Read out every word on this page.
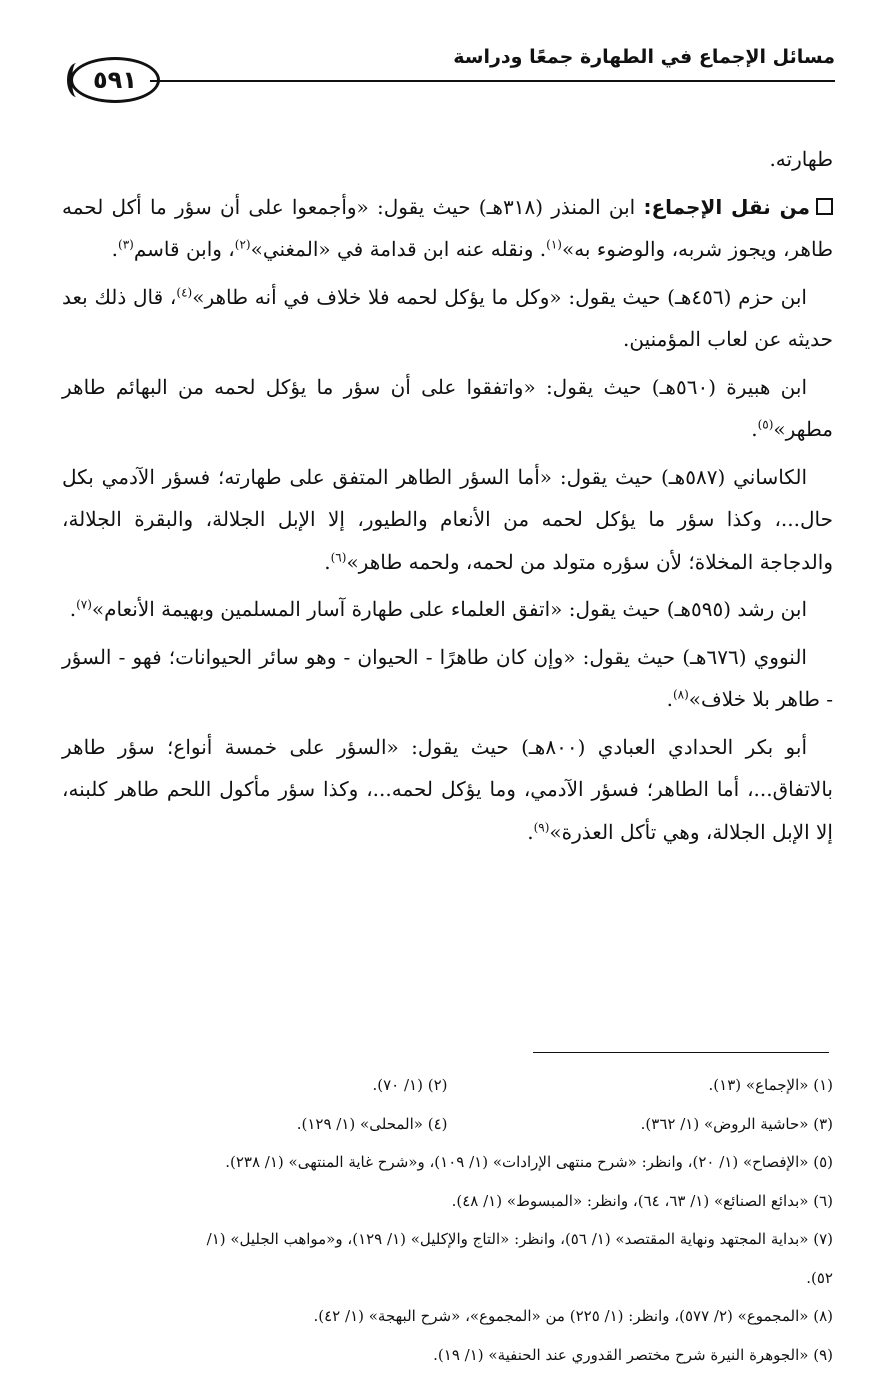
مسائل الإجماع في الطهارة جمعًا ودراسة
٥٩١

طهارته.

من نقل الإجماع: ابن المنذر (٣١٨هـ) حيث يقول: «وأجمعوا على أن سؤر ما أكل لحمه طاهر، ويجوز شربه، والوضوء به»$^{(١)}$. ونقله عنه ابن قدامة في «المغني»$^{(٢)}$، وابن قاسم$^{(٣)}$.

ابن حزم (٤٥٦هـ) حيث يقول: «وكل ما يؤكل لحمه فلا خلاف في أنه طاهر»$^{(٤)}$، قال ذلك بعد حديثه عن لعاب المؤمنين.

ابن هبيرة (٥٦٠هـ) حيث يقول: «واتفقوا على أن سؤر ما يؤكل لحمه من البهائم طاهر مطهر»$^{(٥)}$.

الكاساني (٥٨٧هـ) حيث يقول: «أما السؤر الطاهر المتفق على طهارته؛ فسؤر الآدمي بكل حال...، وكذا سؤر ما يؤكل لحمه من الأنعام والطيور، إلا الإبل الجلالة، والبقرة الجلالة، والدجاجة المخلاة؛ لأن سؤره متولد من لحمه، ولحمه طاهر»$^{(٦)}$.

ابن رشد (٥٩٥هـ) حيث يقول: «اتفق العلماء على طهارة آسار المسلمين وبهيمة الأنعام»$^{(٧)}$.

النووي (٦٧٦هـ) حيث يقول: «وإن كان طاهرًا - الحيوان - وهو سائر الحيوانات؛ فهو - السؤر - طاهر بلا خلاف»$^{(٨)}$.

أبو بكر الحدادي العبادي (٨٠٠هـ) حيث يقول: «السؤر على خمسة أنواع؛ سؤر طاهر بالاتفاق...، أما الطاهر؛ فسؤر الآدمي، وما يؤكل لحمه...، وكذا سؤر مأكول اللحم طاهر كلبنه، إلا الإبل الجلالة، وهي تأكل العذرة»$^{(٩)}$.

(١) «الإجماع» (١٣).
(٢) (١/ ٧٠).
(٣) «حاشية الروض» (١/ ٣٦٢).
(٤) «المحلى» (١/ ١٢٩).
(٥) «الإفصاح» (١/ ٢٠)، وانظر: «شرح منتهى الإرادات» (١/ ١٠٩)، و«شرح غاية المنتهى» (١/ ٢٣٨).
(٦) «بدائع الصنائع» (١/ ٦٣، ٦٤)، وانظر: «المبسوط» (١/ ٤٨).
(٧) «بداية المجتهد ونهاية المقتصد» (١/ ٥٦)، وانظر: «التاج والإكليل» (١/ ١٢٩)، و«مواهب الجليل» (١/
٥٢).
(٨) «المجموع» (٢/ ٥٧٧)، وانظر: (١/ ٢٢٥) من «المجموع»، «شرح البهجة» (١/ ٤٢).
(٩) «الجوهرة النيرة شرح مختصر القدوري عند الحنفية» (١/ ١٩).
